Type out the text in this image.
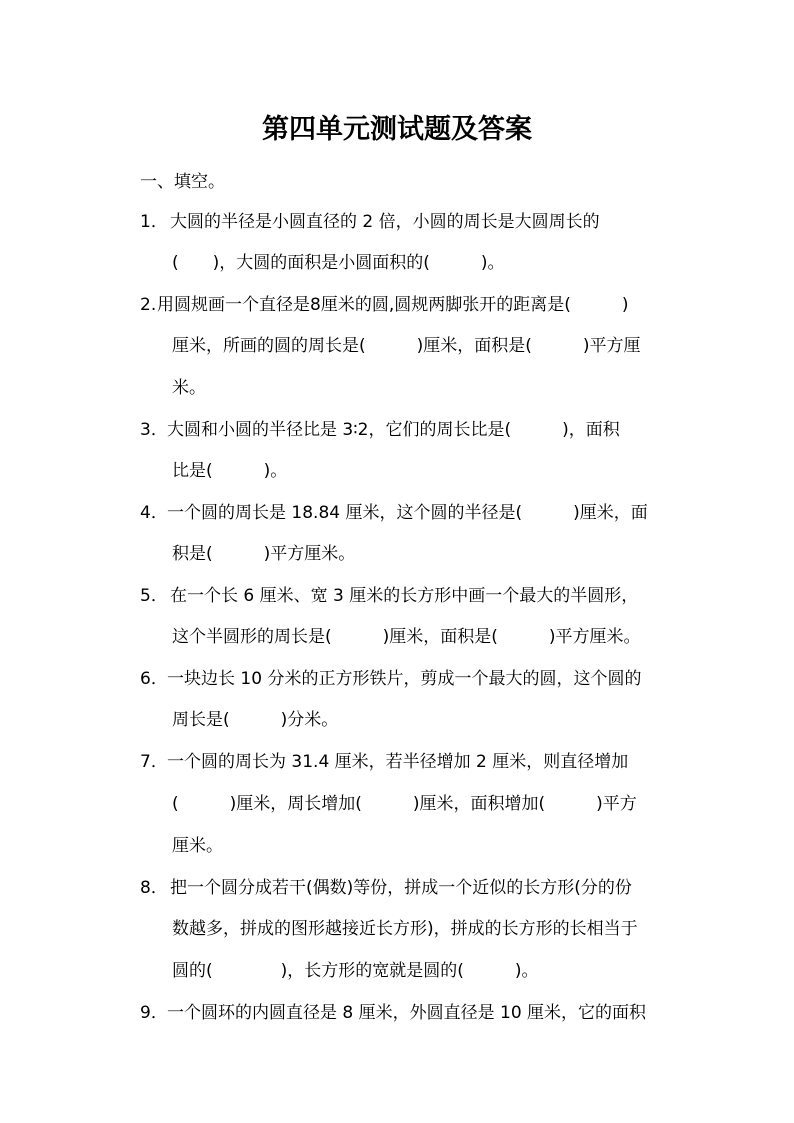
第四单元测试题及答案
一、填空。
1． 大圆的半径是小圆直径的 2 倍，小圆的周长是大圆周长的
(　　)，大圆的面积是小圆面积的(　　　)。
2. 用圆规画一个直径是8厘米的圆,圆规两脚张开的距离是(　　　)
厘米，所画的圆的周长是(　　　)厘米，面积是(　　　)平方厘
米。
3． 大圆和小圆的半径比是 3∶2，它们的周长比是(　　　)，面积
比是(　　　)。
4． 一个圆的周长是 18.84 厘米，这个圆的半径是(　　　)厘米，面
积是(　　　)平方厘米。
5． 在一个长 6 厘米、宽 3 厘米的长方形中画一个最大的半圆形，
这个半圆形的周长是(　　　)厘米，面积是(　　　)平方厘米。
6． 一块边长 10 分米的正方形铁片，剪成一个最大的圆，这个圆的
周长是(　　　)分米。
7． 一个圆的周长为 31.4 厘米，若半径增加 2 厘米，则直径增加
(　　　)厘米，周长增加(　　　)厘米，面积增加(　　　)平方
厘米。
8． 把一个圆分成若干(偶数)等份，拼成一个近似的长方形(分的份
数越多，拼成的图形越接近长方形)，拼成的长方形的长相当于
圆的(　　　　)，长方形的宽就是圆的(　　　)。
9． 一个圆环的内圆直径是 8 厘米，外圆直径是 10 厘米，它的面积
